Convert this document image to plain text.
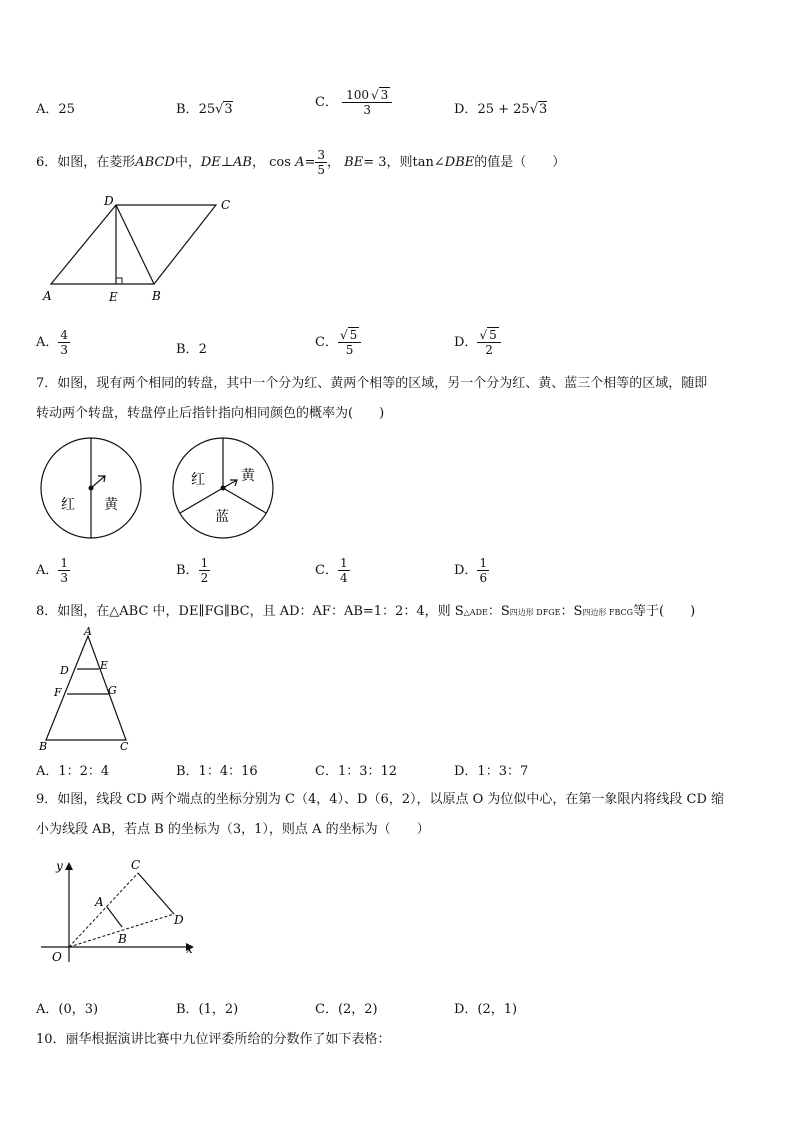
A．25	B．25√3	C． $\frac{100 √ 3}{3}$	D．25 + 25√3
6．如图，在菱形ABCD中，DE⊥AB， $\cos A= \frac{3}{5}$ ， BE= 3，则tan∠DBE的值是（　　）
A	E	B
D	C
A． $\frac{4}{3}$	B．2	C． $\frac{√ 5}{5}$	D． $\frac{√ 5}{2}$
7．如图，现有两个相同的转盘，其中一个分为红、黄两个相等的区域，另一个分为红、黄、蓝三个相等的区域，随即
转动两个转盘，转盘停止后指针指向相同颜色的概率为(　　)
红 黄
红	黄
蓝
A． $\frac{1}{3}$	B． $\frac{1}{2}$	C． $\frac{1}{4}$	D． $\frac{1}{6}$
8．如图，在△ABC 中，DE∥FG∥BC，且 AD：AF：AB=1：2：4，则 S△ADE：S四边形 DFGE：S四边形 FBCG等于(　　)
A
D	E
F	G
B	C
A．1：2：4	B．1：4：16	C．1：3：12	D．1：3：7
9．如图，线段 CD 两个端点的坐标分别为 C（4，4）、D（6，2），以原点 O 为位似中心，在第一象限内将线段 CD 缩
小为线段 AB，若点 B 的坐标为（3，1），则点 A 的坐标为（　　）
y
x
O
C
D
A
B
A．(0，3)	B．(1，2)	C．(2，2)	D．(2，1)
10．丽华根据演讲比赛中九位评委所给的分数作了如下表格：
